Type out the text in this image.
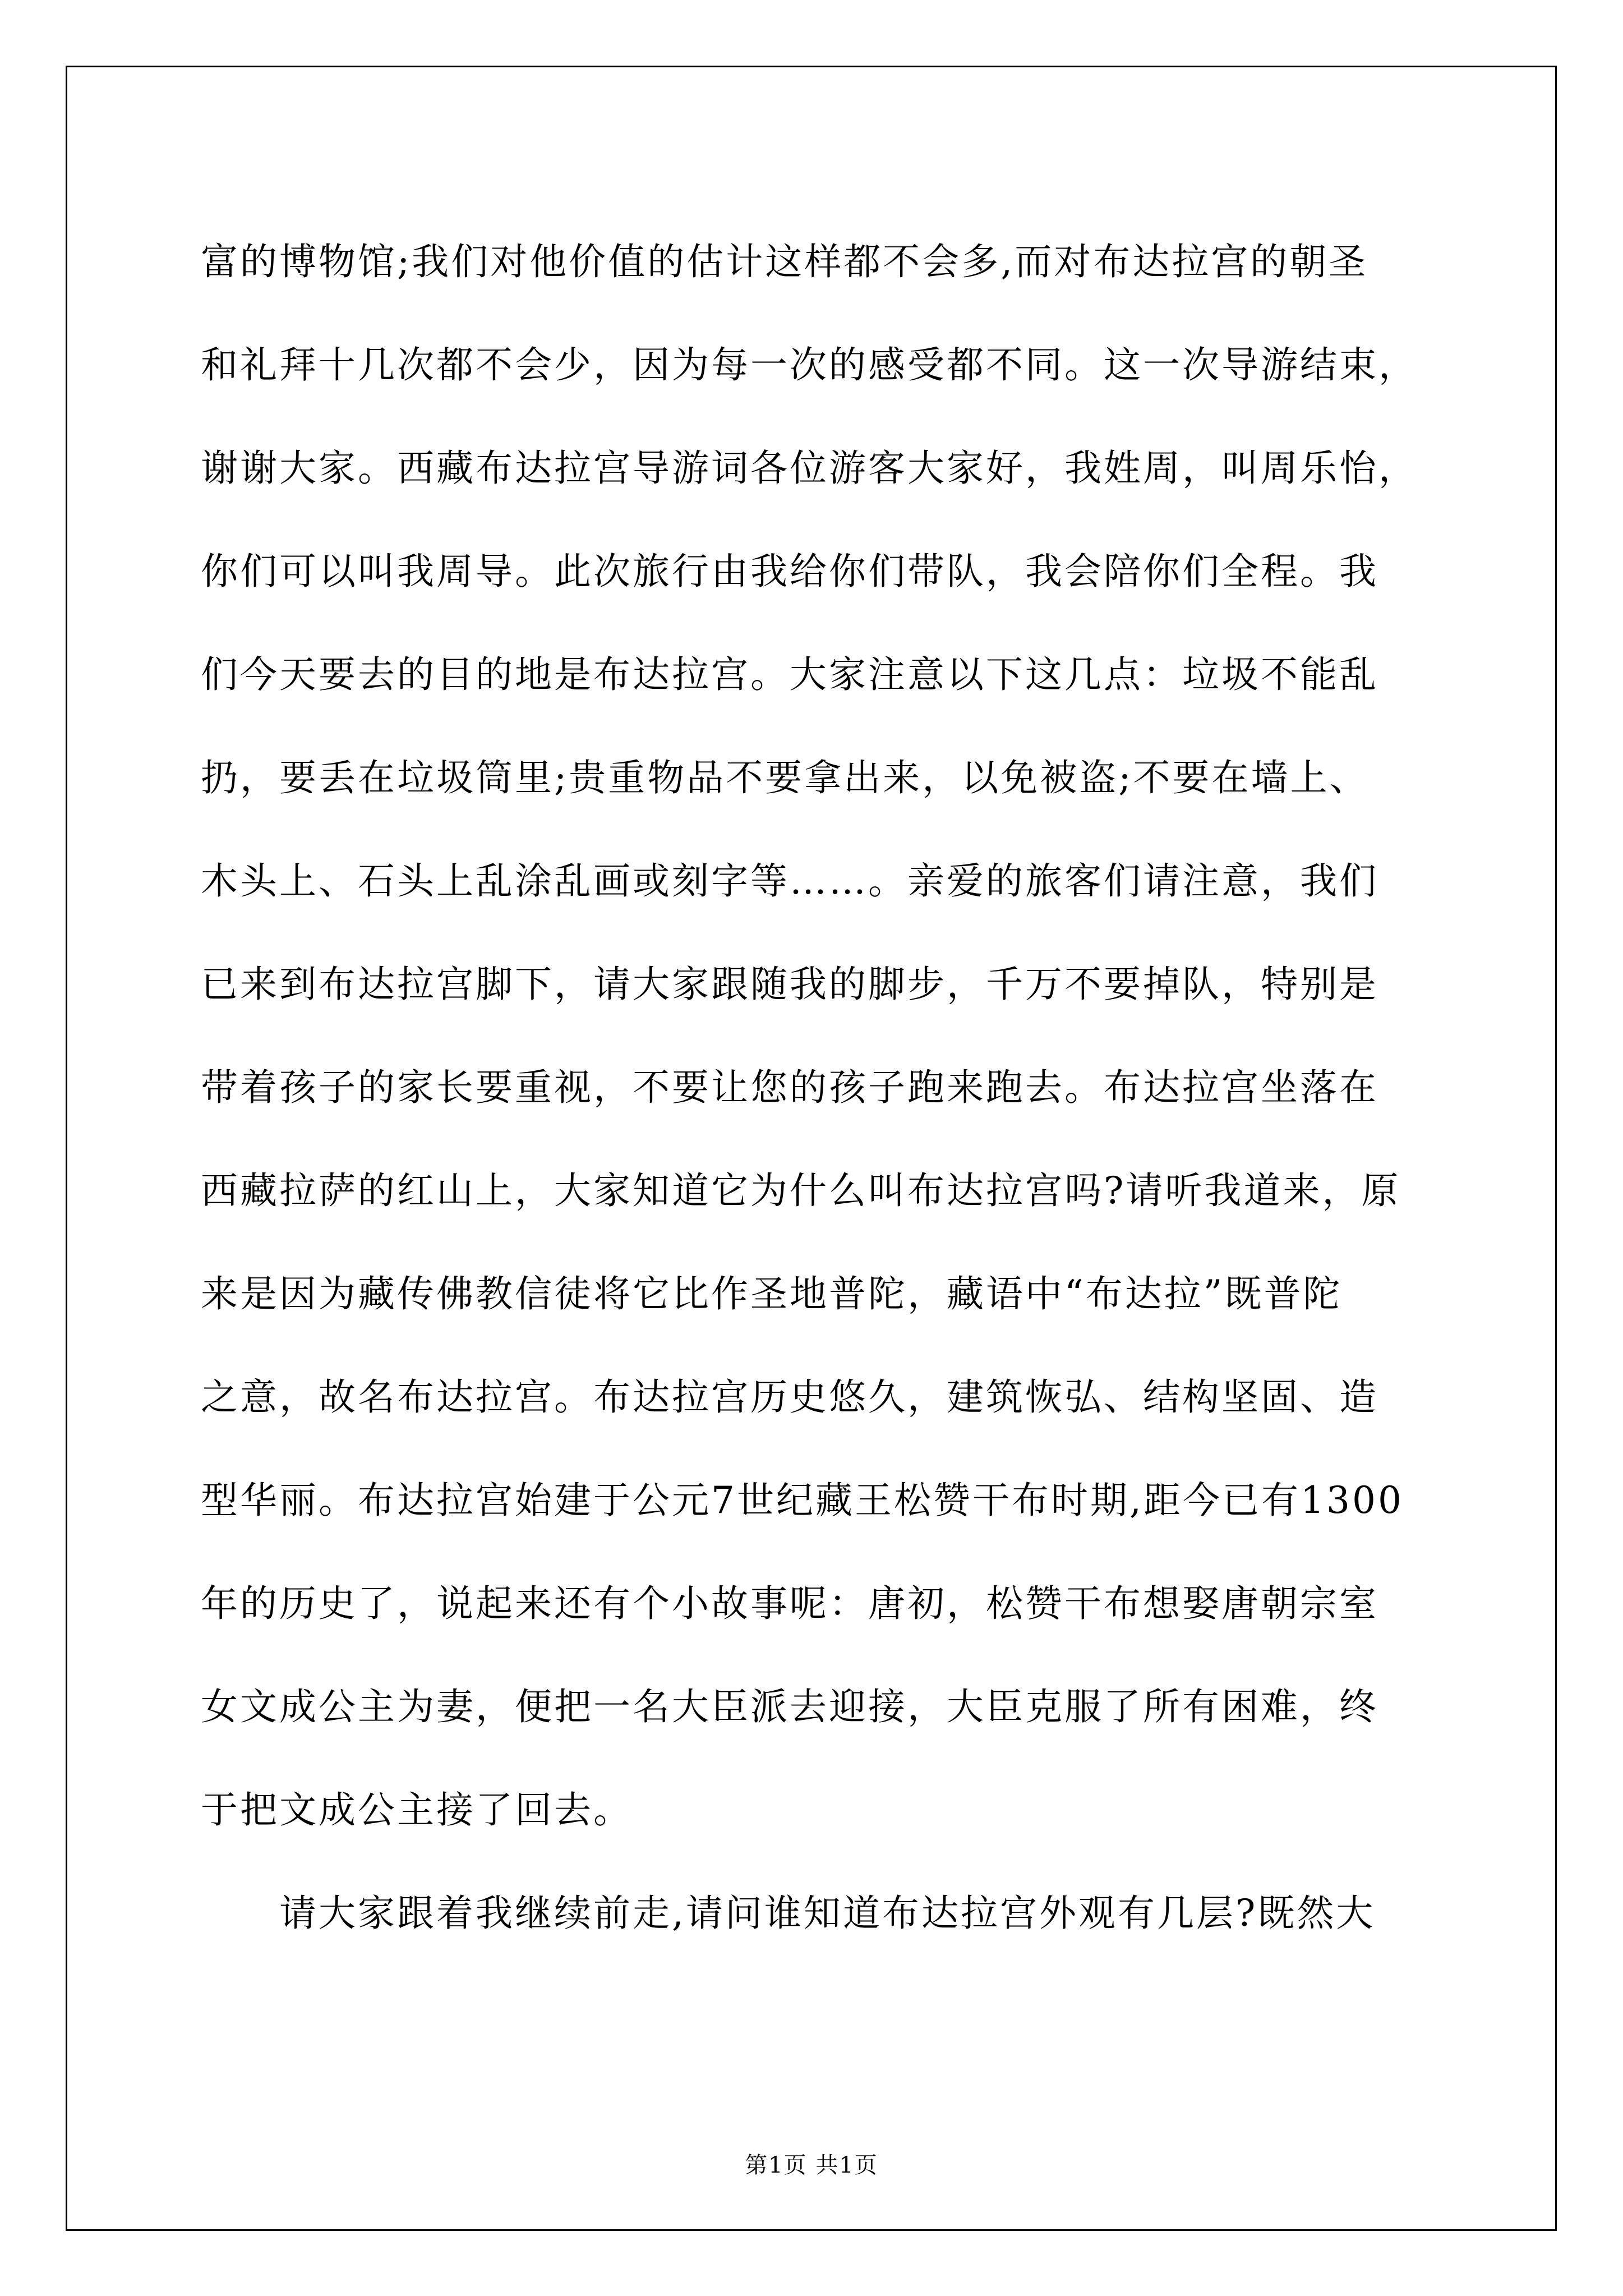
富的博物馆;我们对他价值的估计这样都不会多,而对布达拉宫的朝圣
和礼拜十几次都不会少，因为每一次的感受都不同。这一次导游结束，
谢谢大家。西藏布达拉宫导游词各位游客大家好，我姓周，叫周乐怡，
你们可以叫我周导。此次旅行由我给你们带队，我会陪你们全程。我
们今天要去的目的地是布达拉宫。大家注意以下这几点：垃圾不能乱
扔，要丢在垃圾筒里;贵重物品不要拿出来，以免被盗;不要在墙上、
木头上、石头上乱涂乱画或刻字等……。亲爱的旅客们请注意，我们
已来到布达拉宫脚下，请大家跟随我的脚步，千万不要掉队，特别是
带着孩子的家长要重视，不要让您的孩子跑来跑去。布达拉宫坐落在
西藏拉萨的红山上，大家知道它为什么叫布达拉宫吗?请听我道来，原
来是因为藏传佛教信徒将它比作圣地普陀，藏语中“布达拉”既普陀
之意，故名布达拉宫。布达拉宫历史悠久，建筑恢弘、结构坚固、造
型华丽。布达拉宫始建于公元7世纪藏王松赞干布时期,距今已有1300
年的历史了，说起来还有个小故事呢：唐初，松赞干布想娶唐朝宗室
女文成公主为妻，便把一名大臣派去迎接，大臣克服了所有困难，终
于把文成公主接了回去。
请大家跟着我继续前走,请问谁知道布达拉宫外观有几层?既然大
第1页 共1页
